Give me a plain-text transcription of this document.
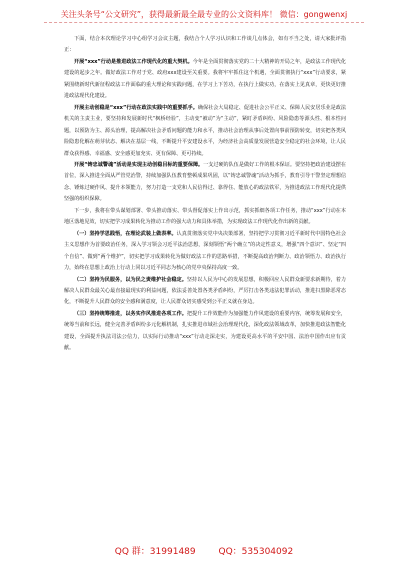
关注头条号“公文研究”，获得最新最全最专业的公文资料库！ 微信：gongwenxj

下面，结合本次理论学习中心组学习会议主题，我结合个人学习认识和工作谈几点体会，如有不当之处，请大家批评指正：

开展“xxx”行动是推进政法工作现代化的重大契机。今年是全面贯彻落实党的二十大精神的开局之年，是政法工作现代化建设的起步之年。做好政法工作对于党、政府xxx建设至关重要。我将牢牢抓住这个机遇，全面贯彻执行“xxx”行动要求，紧紧围绕新时代新征程政法工作面临的重大理论和实践问题，在学习上下苦功，在执行上做实功，在落实上见真章，更快更好推进政法现代化建设。

开展主动创稳是“xxx”行动在政法实践中的重要抓手。确保社会大局稳定、促进社会公平正义、保障人民安居乐业是政法机关的主责主业，要坚持和发展新时代“枫桥经验”，主动变“被动”为“主动”，紧盯矛盾纠纷、风险隐患等源头性、根本性问题，以预防为主、源头治理，提高解决社会矛盾问题的能力和水平，推动社会治理从事后处置向事前预防转变，切实把各类风险隐患化解在萌芽状态、解决在基层一线，不断提升平安建设水平，为经济社会高质量发展营造安全稳定的社会环境，让人民群众获得感、幸福感、安全感更加充实、更有保障、更可持续。

开展“铸忠诚警魂”活动是实现主动创稳目标的重要保障。一支过硬的队伍是做好工作的根本保证。要坚持把政治建设摆在首位，深入推进全面从严管党治警，持续加强队伍教育整顿成果巩固，以“铸忠诚警魂”活动为抓手，教育引导干警坚定理想信念、锤炼过硬作风、提升本领能力，努力打造一支党和人民信得过、靠得住、能放心的政法铁军，为推进政法工作现代化提供坚强的组织保障。

下一步，我将在带头谋划部署、带头推动落实、带头督促落实上作出示范，抓实抓细各项工作任务，推动“xxx”行动在本地区落地见效，切实把学习成果转化为推动工作的强大动力和具体举措，为实现政法工作现代化作出新的贡献。

（一）坚持学思践悟，在理论武装上做表率。认真贯彻落实党中央决策部署，坚持把学习贯彻习近平新时代中国特色社会主义思想作为首要政治任务，深入学习领会习近平法治思想，深刻领悟“两个确立”的决定性意义，增强“四个意识”、坚定“四个自信”、做到“两个维护”，切实把学习成果转化为做好政法工作的思路举措，不断提高政治判断力、政治领悟力、政治执行力，始终在思想上政治上行动上同以习近平同志为核心的党中央保持高度一致。

（二）坚持为民服务，以为民之责维护社会稳定。坚持以人民为中心的发展思想，积极回应人民群众新要求新期待，着力解决人民群众最关心最直接最现实的利益问题，依法妥善处置各类矛盾纠纷，严厉打击各类违法犯罪活动，推进扫黑除恶常态化，不断提升人民群众的安全感和满意度，让人民群众切实感受到公平正义就在身边。

（三）坚持统筹推进，以务实作风推进各项工作。把提升工作效能作为加强能力作风建设的重要内容，统筹发展和安全，统筹当前和长远，健全完善矛盾纠纷多元化解机制，扎实推进市域社会治理现代化，深化政法领域改革，加快推进政法智能化建设，全面提升执法司法公信力，以实际行动推动“xxx”行动走深走实，为建设更高水平的平安中国、法治中国作出应有贡献。

QQ 群：31991489	QQ：535304092
